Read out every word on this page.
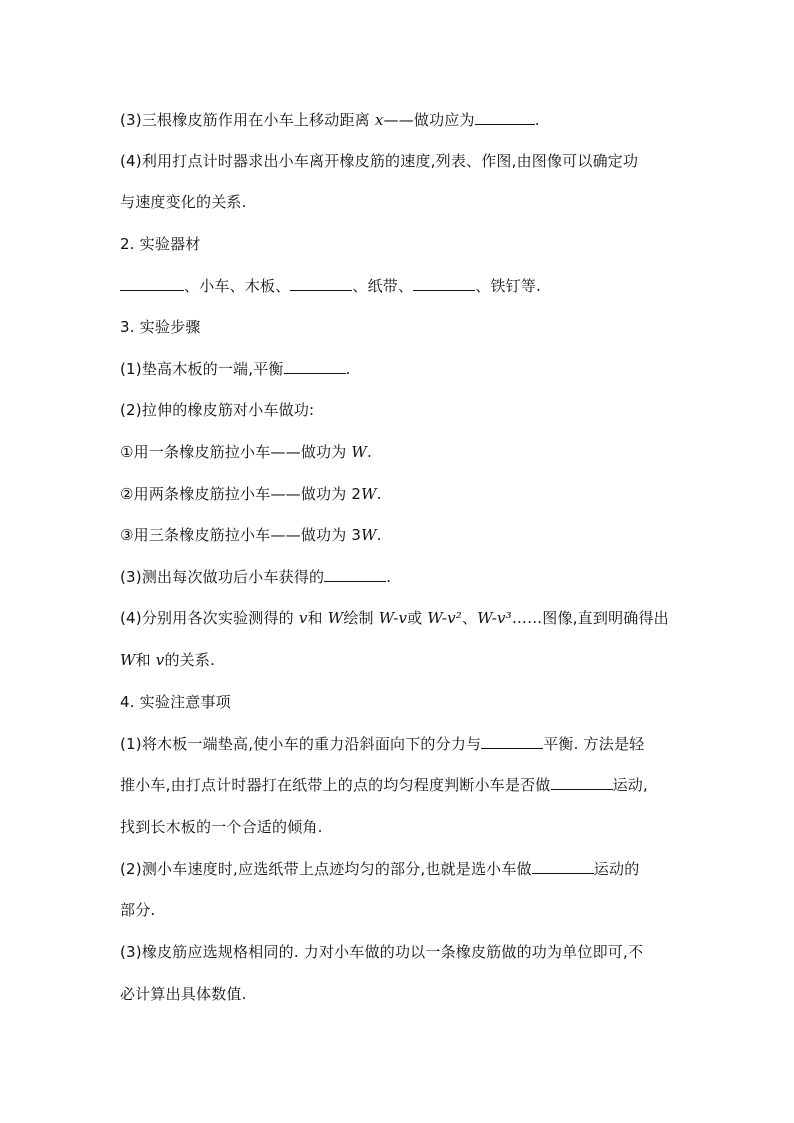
(3)三根橡皮筋作用在小车上移动距离 x——做功应为	.
(4)利用打点计时器求出小车离开橡皮筋的速度,列表、作图,由图像可以确定功
与速度变化的关系.
2. 实验器材
、小车、木板、	、纸带、	、铁钉等.
3. 实验步骤
(1)垫高木板的一端,平衡	.
(2)拉伸的橡皮筋对小车做功:
①用一条橡皮筋拉小车——做功为 W.
②用两条橡皮筋拉小车——做功为 2W.
③用三条橡皮筋拉小车——做功为 3W.
(3)测出每次做功后小车获得的	.
(4)分别用各次实验测得的 v和 W绘制 W-v或 W-v²、W-v³……图像,直到明确得出
W和 v的关系.
4. 实验注意事项
(1)将木板一端垫高,使小车的重力沿斜面向下的分力与	平衡. 方法是轻
推小车,由打点计时器打在纸带上的点的均匀程度判断小车是否做	运动,
找到长木板的一个合适的倾角.
(2)测小车速度时,应选纸带上点迹均匀的部分,也就是选小车做	运动的
部分.
(3)橡皮筋应选规格相同的. 力对小车做的功以一条橡皮筋做的功为单位即可,不
必计算出具体数值.
